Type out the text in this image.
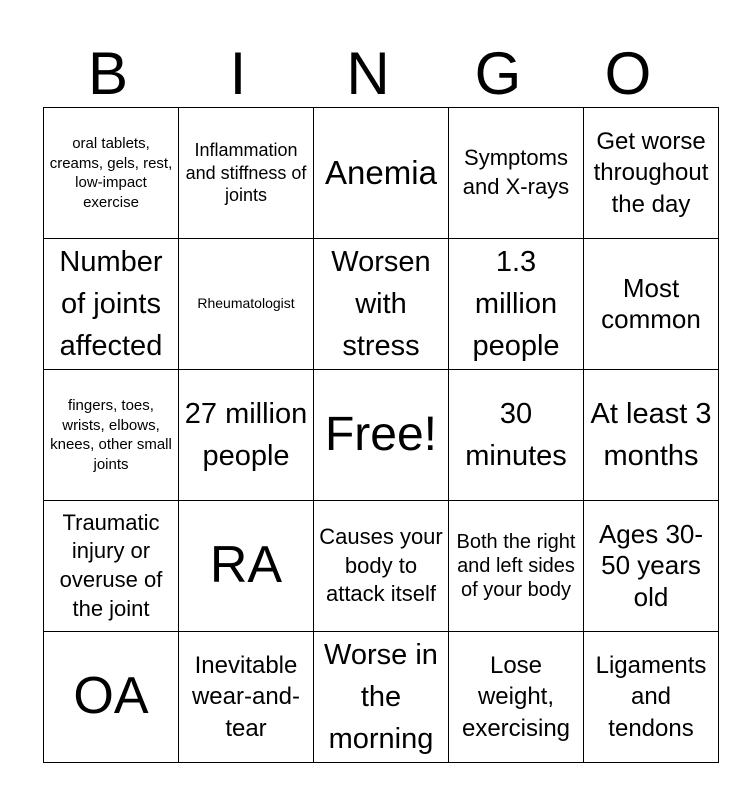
B	I	N	G	O
oral tablets, creams, gels, rest, low-impact exercise	Inflammation and stiffness of joints	Anemia	Symptoms and X-rays	Get worse throughout the day

Number of joints affected	Rheumatologist	Worsen with stress	1.3 million people	Most common

fingers, toes, wrists, elbows, knees, other small joints	27 million people	Free!	30 minutes	At least 3 months

Traumatic injury or overuse of the joint	RA	Causes your body to attack itself	Both the right and left sides of your body	Ages 30-50 years old

OA	Inevitable wear-and-tear	Worse in the morning	Lose weight, exercising	Ligaments and tendons
